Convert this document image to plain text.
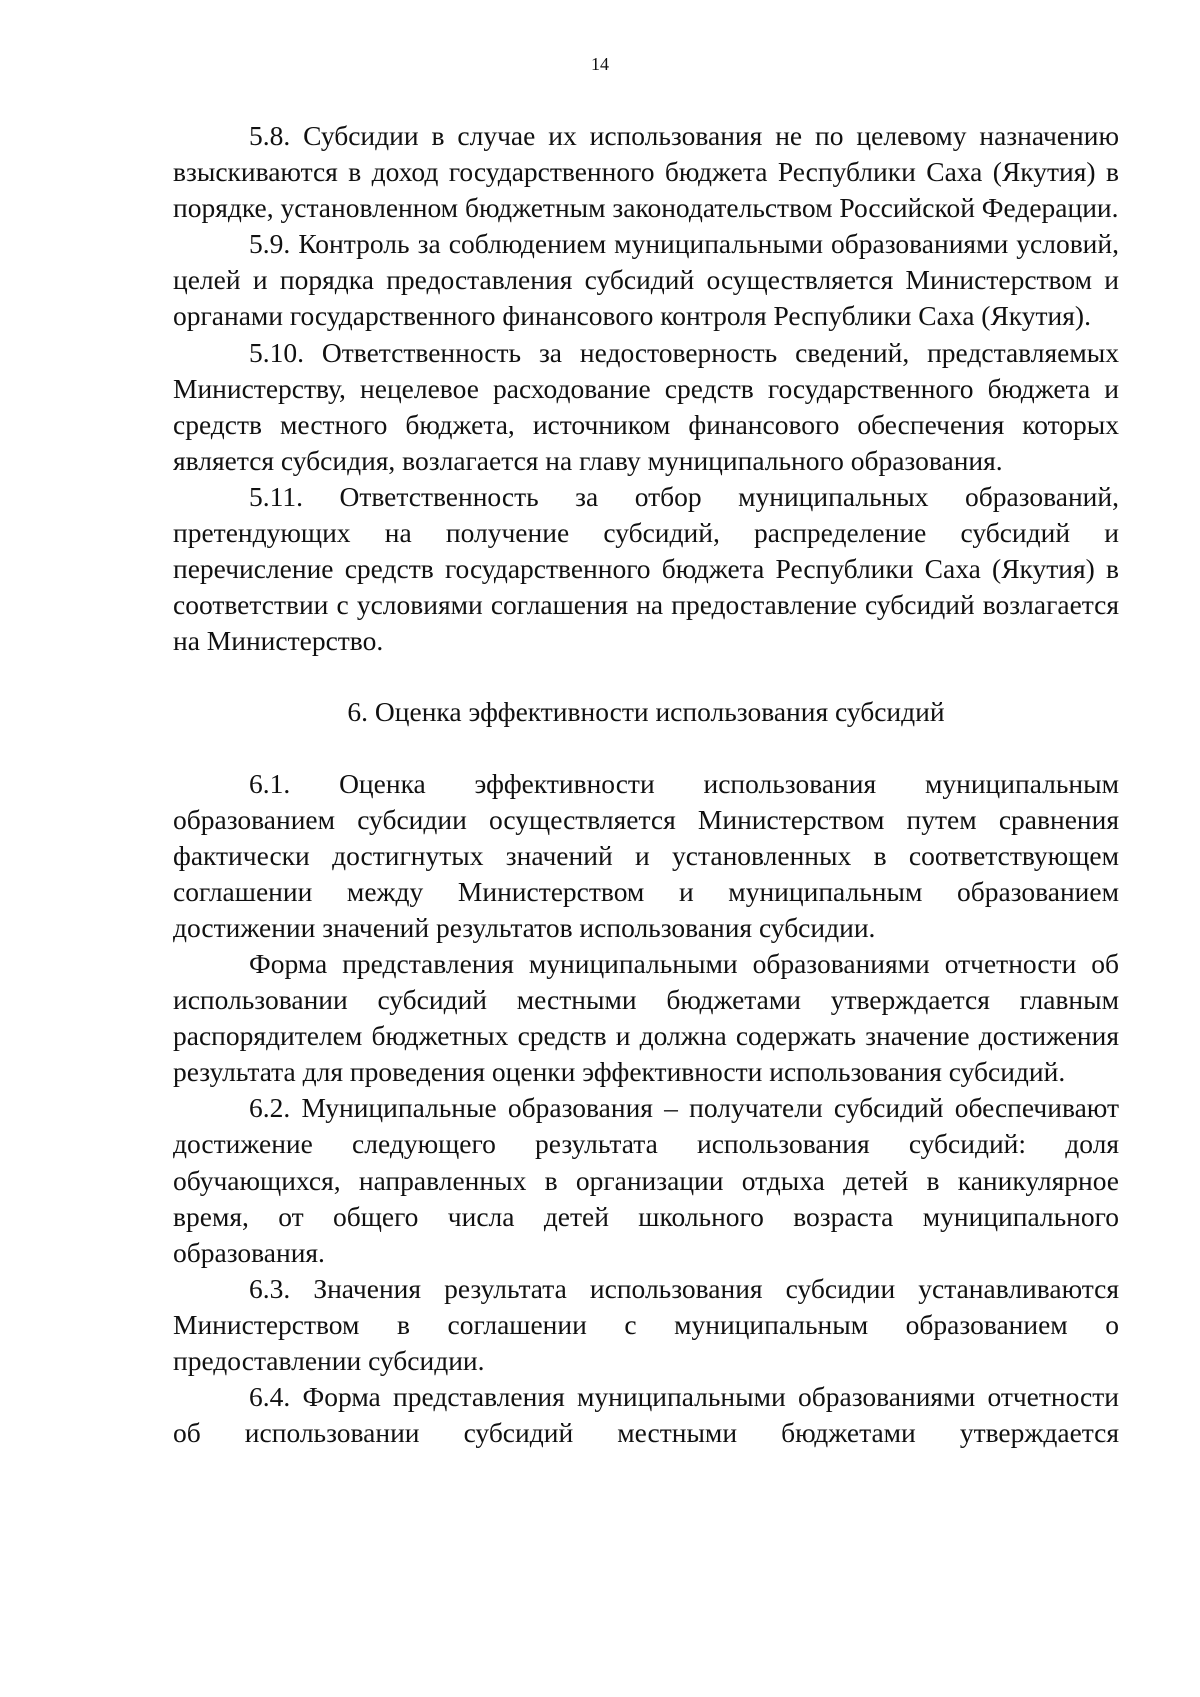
14

5.8. Субсидии в случае их использования не по целевому назначению взыскиваются в доход государственного бюджета Республики Саха (Якутия) в порядке, установленном бюджетным законодательством Российской Федерации.

5.9. Контроль за соблюдением муниципальными образованиями условий, целей и порядка предоставления субсидий осуществляется Министерством и органами государственного финансового контроля Республики Саха (Якутия).

5.10. Ответственность за недостоверность сведений, представляемых Министерству, нецелевое расходование средств государственного бюджета и средств местного бюджета, источником финансового обеспечения которых является субсидия, возлагается на главу муниципального образования.

5.11. Ответственность за отбор муниципальных образований, претендующих на получение субсидий, распределение субсидий и перечисление средств государственного бюджета Республики Саха (Якутия) в соответствии с условиями соглашения на предоставление субсидий возлагается на Министерство.

6. Оценка эффективности использования субсидий

6.1. Оценка эффективности использования муниципальным образованием субсидии осуществляется Министерством путем сравнения фактически достигнутых значений и установленных в соответствующем соглашении между Министерством и муниципальным образованием достижении значений результатов использования субсидии.

Форма представления муниципальными образованиями отчетности об использовании субсидий местными бюджетами утверждается главным распорядителем бюджетных средств и должна содержать значение достижения результата для проведения оценки эффективности использования субсидий.

6.2. Муниципальные образования – получатели субсидий обеспечивают достижение следующего результата использования субсидий: доля обучающихся, направленных в организации отдыха детей в каникулярное время, от общего числа детей школьного возраста муниципального образования.

6.3. Значения результата использования субсидии устанавливаются Министерством в соглашении с муниципальным образованием о предоставлении субсидии.

6.4. Форма представления муниципальными образованиями отчетности об использовании субсидий местными бюджетами утверждается
